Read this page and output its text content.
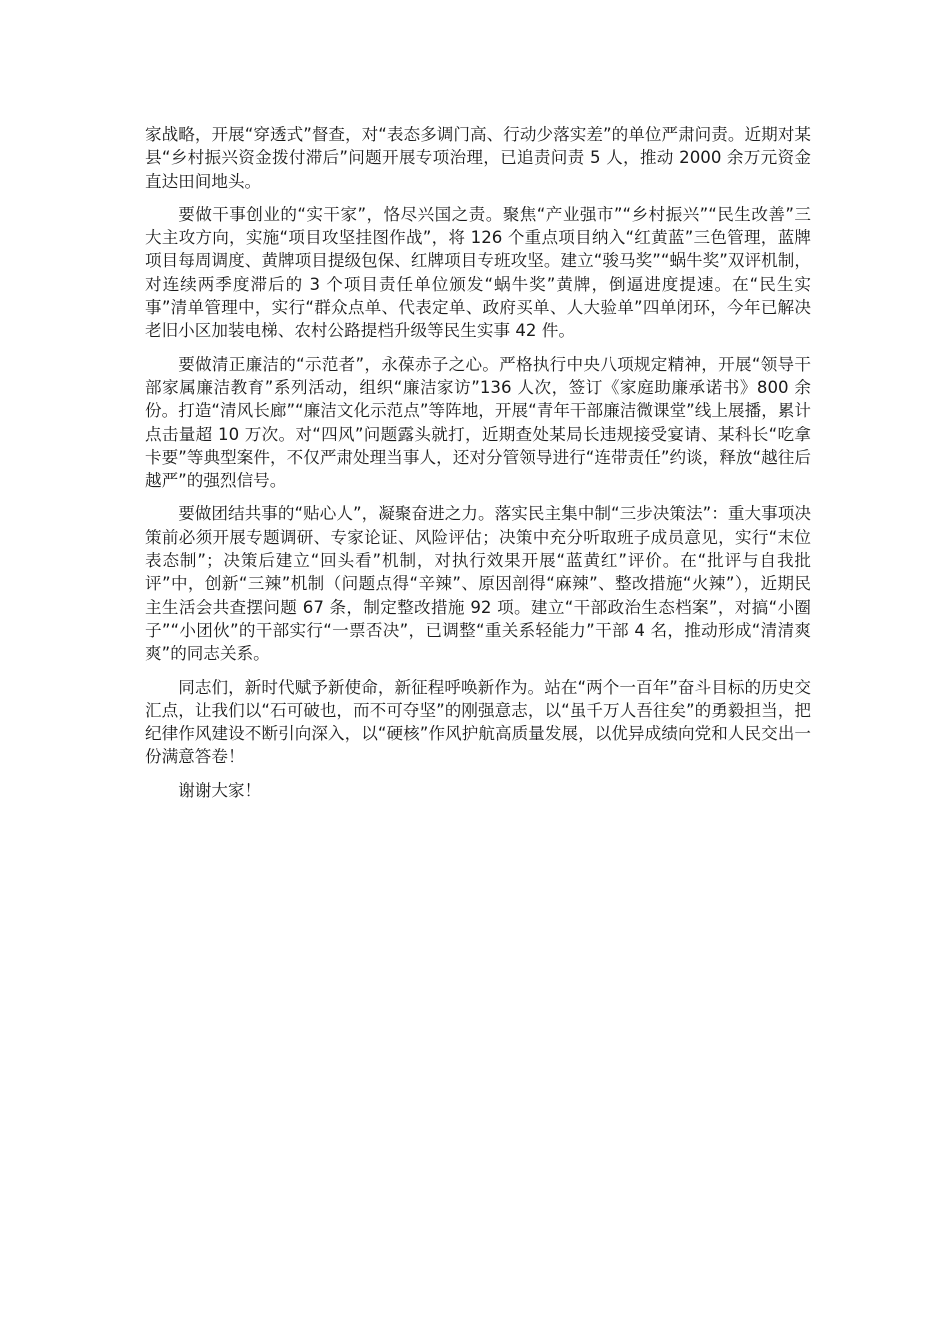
家战略，开展“穿透式”督查，对“表态多调门高、行动少落实差”的单位严肃问责。近期对某县“乡村振兴资金拨付滞后”问题开展专项治理，已追责问责 5 人，推动 2000 余万元资金直达田间地头。

要做干事创业的“实干家”，恪尽兴国之责。聚焦“产业强市”“乡村振兴”“民生改善”三大主攻方向，实施“项目攻坚挂图作战”，将 126 个重点项目纳入“红黄蓝”三色管理，蓝牌项目每周调度、黄牌项目提级包保、红牌项目专班攻坚。建立“骏马奖”“蜗牛奖”双评机制，对连续两季度滞后的 3 个项目责任单位颁发“蜗牛奖”黄牌，倒逼进度提速。在“民生实事”清单管理中，实行“群众点单、代表定单、政府买单、人大验单”四单闭环，今年已解决老旧小区加装电梯、农村公路提档升级等民生实事 42 件。

要做清正廉洁的“示范者”，永葆赤子之心。严格执行中央八项规定精神，开展“领导干部家属廉洁教育”系列活动，组织“廉洁家访”136 人次，签订《家庭助廉承诺书》800 余份。打造“清风长廊”“廉洁文化示范点”等阵地，开展“青年干部廉洁微课堂”线上展播，累计点击量超 10 万次。对“四风”问题露头就打，近期查处某局长违规接受宴请、某科长“吃拿卡要”等典型案件，不仅严肃处理当事人，还对分管领导进行“连带责任”约谈，释放“越往后越严”的强烈信号。

要做团结共事的“贴心人”，凝聚奋进之力。落实民主集中制“三步决策法”：重大事项决策前必须开展专题调研、专家论证、风险评估；决策中充分听取班子成员意见，实行“末位表态制”；决策后建立“回头看”机制，对执行效果开展“蓝黄红”评价。在“批评与自我批评”中，创新“三辣”机制（问题点得“辛辣”、原因剖得“麻辣”、整改措施“火辣”），近期民主生活会共查摆问题 67 条，制定整改措施 92 项。建立“干部政治生态档案”，对搞“小圈子”“小团伙”的干部实行“一票否决”，已调整“重关系轻能力”干部 4 名，推动形成“清清爽爽”的同志关系。

同志们，新时代赋予新使命，新征程呼唤新作为。站在“两个一百年”奋斗目标的历史交汇点，让我们以“石可破也，而不可夺坚”的刚强意志，以“虽千万人吾往矣”的勇毅担当，把纪律作风建设不断引向深入，以“硬核”作风护航高质量发展，以优异成绩向党和人民交出一份满意答卷！

谢谢大家！
